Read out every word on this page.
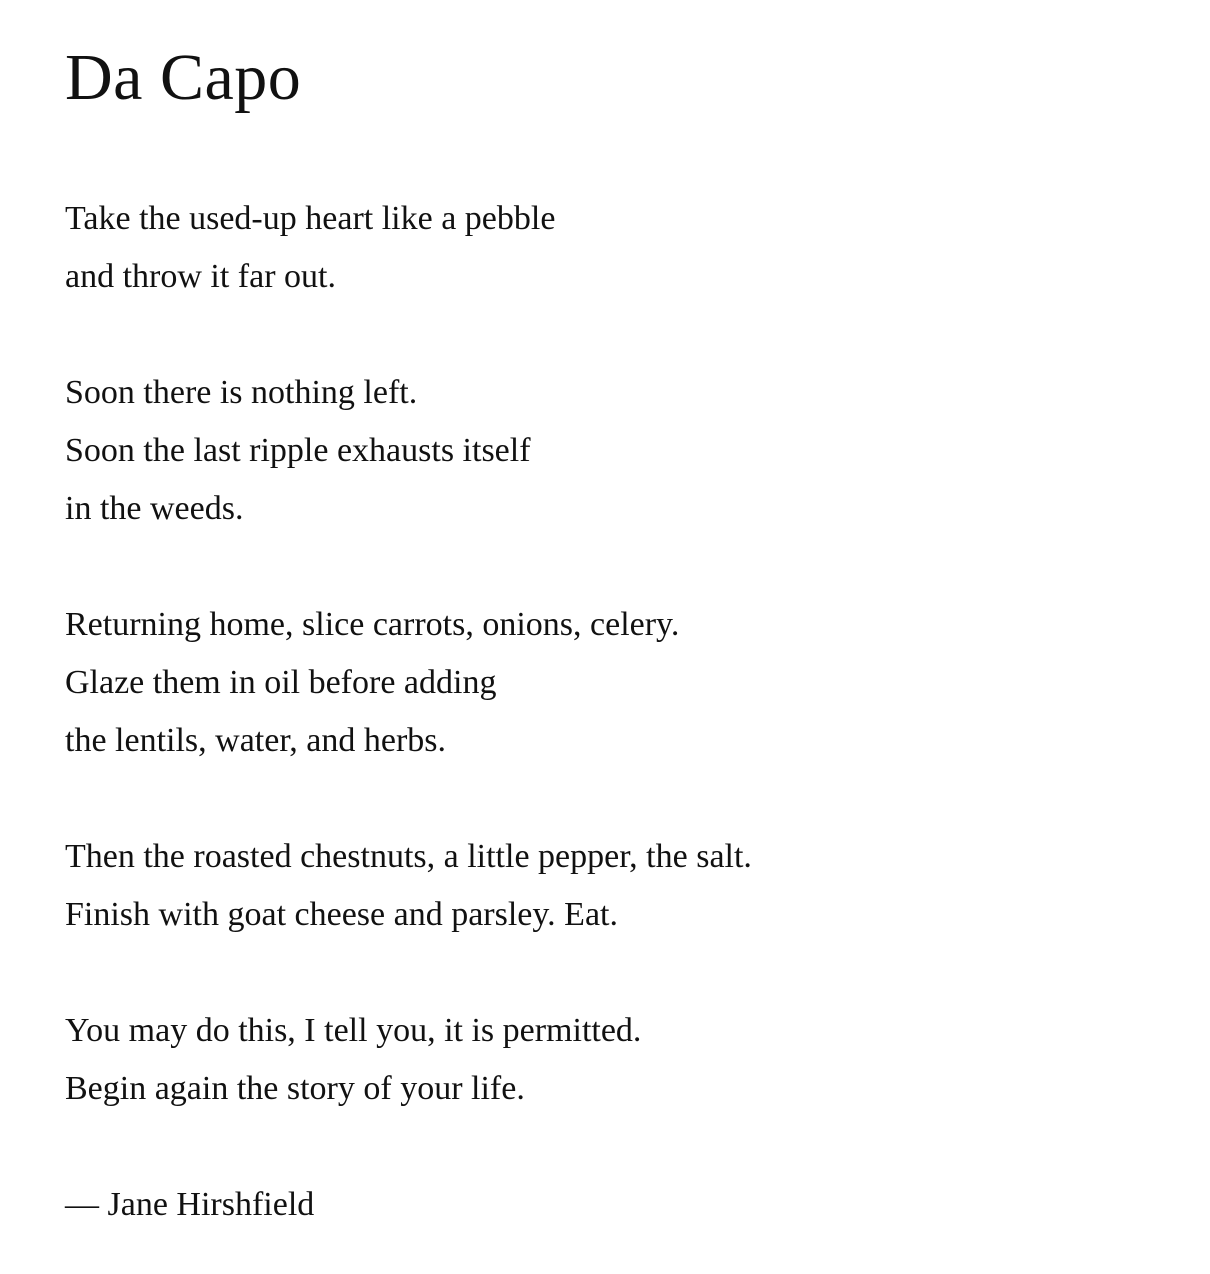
Da Capo

Take the used-up heart like a pebble
and throw it far out.

Soon there is nothing left.
Soon the last ripple exhausts itself
in the weeds.

Returning home, slice carrots, onions, celery.
Glaze them in oil before adding
the lentils, water, and herbs.

Then the roasted chestnuts, a little pepper, the salt.
Finish with goat cheese and parsley. Eat.

You may do this, I tell you, it is permitted.
Begin again the story of your life.

— Jane Hirshfield
